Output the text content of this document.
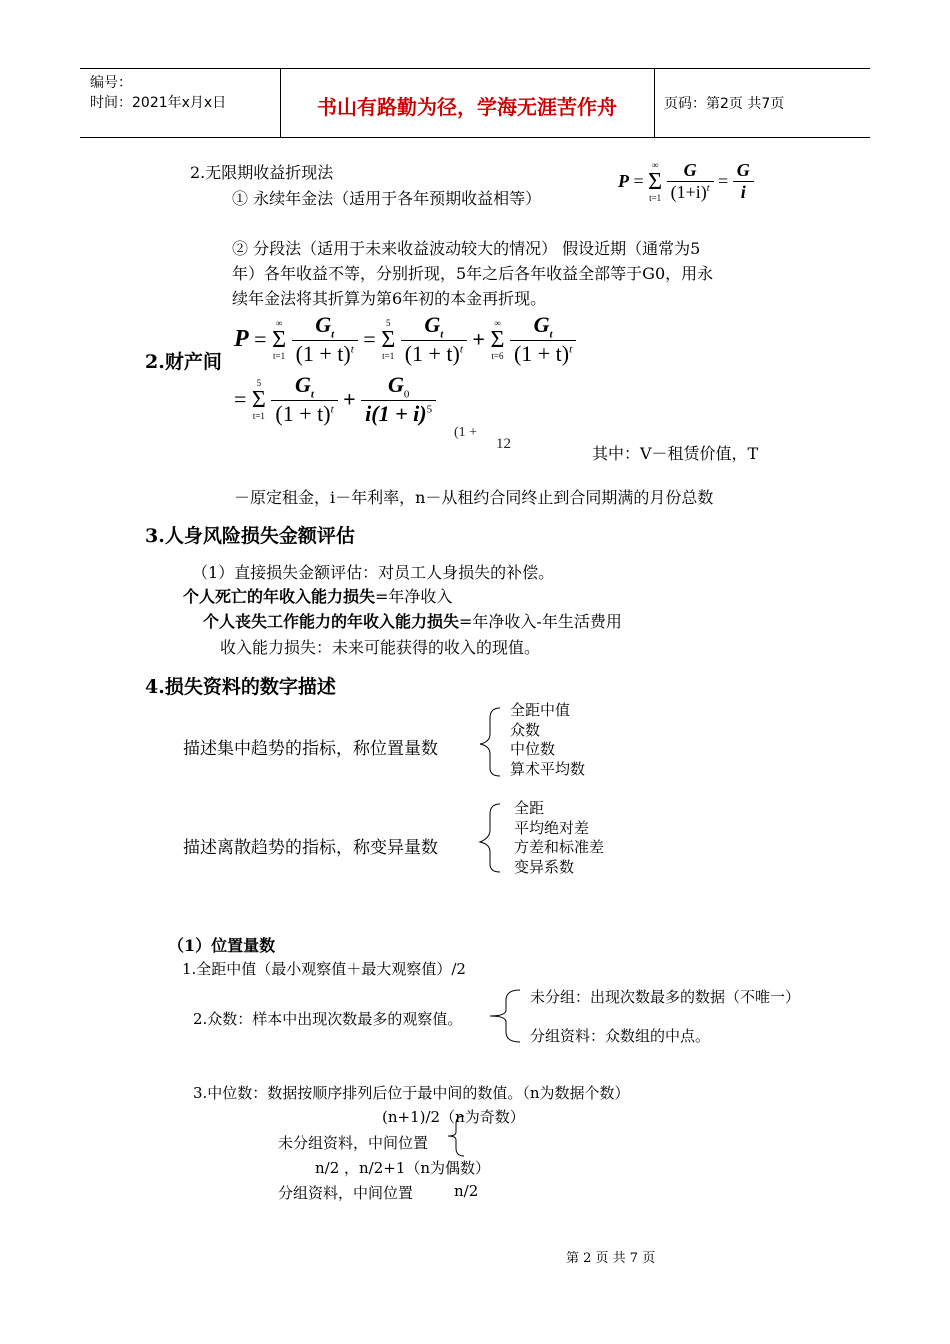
编号：
时间：2021年x月x日	书山有路勤为径，学海无涯苦作舟	页码：第2页 共7页
2.无限期收益折现法
① 永续年金法（适用于各年预期收益相等）
P =
∞
Σ
t=1
$\frac{G}{(1+i)^t} = \frac{G}{i}$
② 分段法（适用于未来收益波动较大的情况） 假设近期（通常为5
年）各年收益不等，分别折现，5年之后各年收益全部等于G0，用永
续年金法将其折算为第6年初的本金再折现。
2.财产间
P =
∞
Σ
t=1
$\frac{G_t}{(1 + t)^t}$ =
5
Σ
t=1
$\frac{G_t}{(1 + t)^t}$ +
∞
Σ
t=6
$\frac{G_t}{(1 + t)^t}$
=
5
Σ
t=1
$\frac{G_t}{(1 + t)^t} + \frac{G_0}{i(1 + i)^5}$
(1 +
12	其中：V－租赁价值，T
－原定租金，i－年利率，n－从租约合同终止到合同期满的月份总数
3.人身风险损失金额评估
（1）直接损失金额评估：对员工人身损失的补偿。
个人死亡的年收入能力损失=年净收入
个人丧失工作能力的年收入能力损失=年净收入-年生活费用
收入能力损失：未来可能获得的收入的现值。
4.损失资料的数字描述
描述集中趋势的指标，称位置量数
全距中值
众数
中位数
算术平均数
描述离散趋势的指标，称变异量数
全距
平均绝对差
方差和标准差
变异系数
（1）位置量数
1.全距中值（最小观察值＋最大观察值）/2
2.众数：样本中出现次数最多的观察值。
未分组：出现次数最多的数据（不唯一）
分组资料：众数组的中点。
3.中位数：数据按顺序排列后位于最中间的数值。（n为数据个数）
(n+1)/2（n为奇数）
未分组资料，中间位置
n/2 ，n/2+1（n为偶数）
分组资料，中间位置	n/2
第 2 页 共 7 页
